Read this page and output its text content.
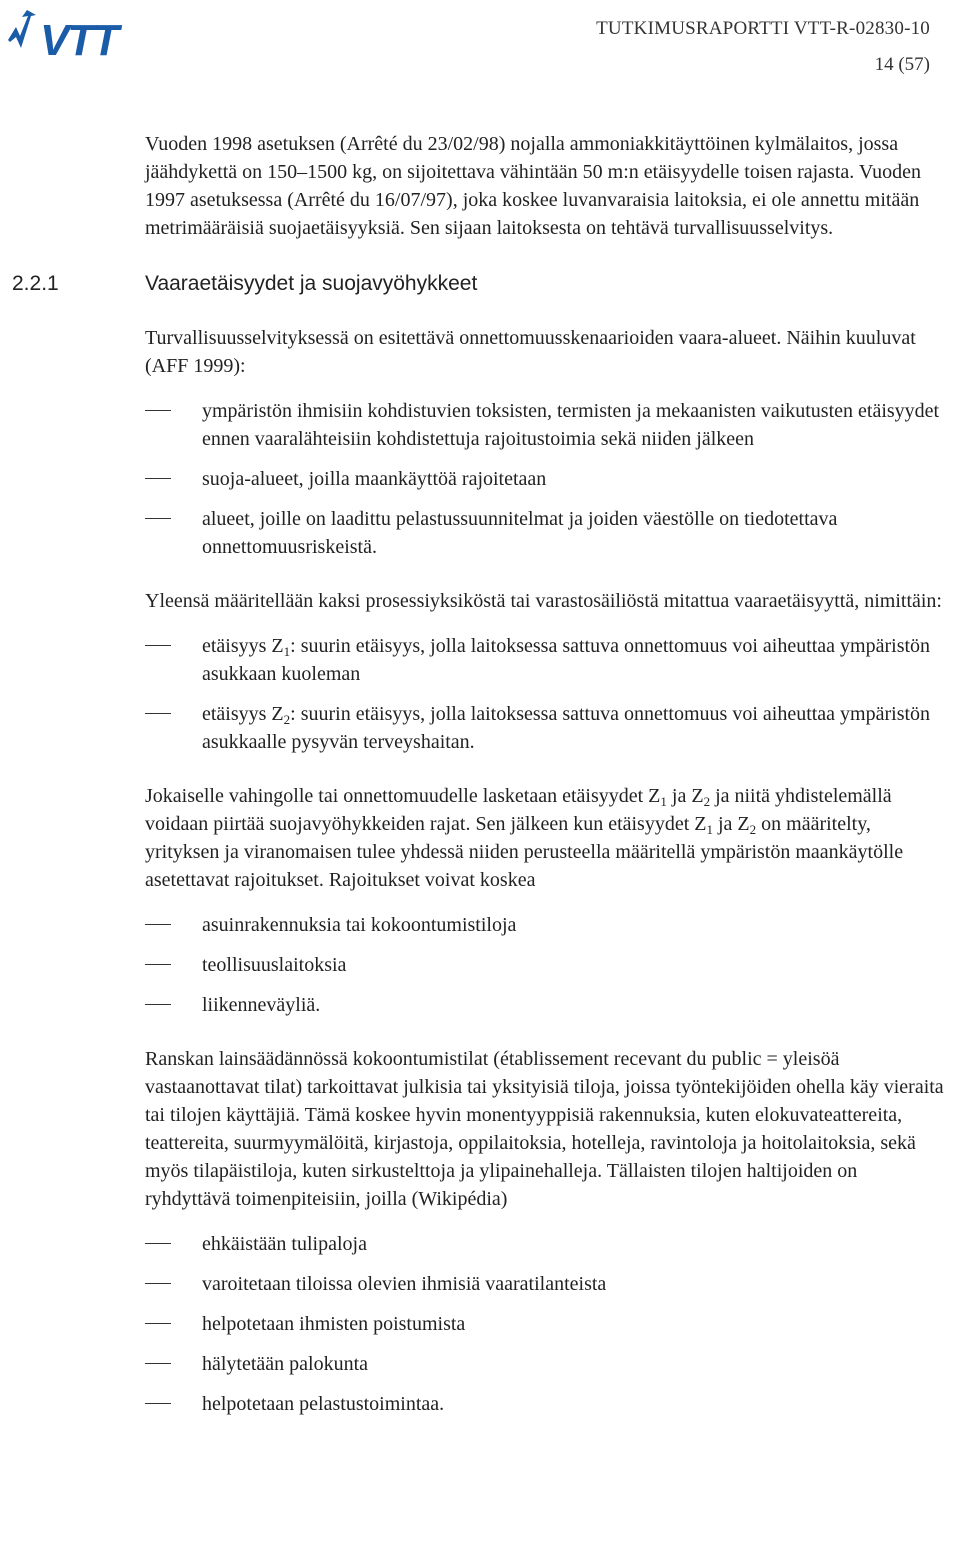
VTT	TUTKIMUSRAPORTTI VTT-R-02830-10
14 (57)

Vuoden 1998 asetuksen (Arrêté du 23/02/98) nojalla ammoniakkitäyttöinen kylmälaitos, jossa jäähdykettä on 150–1500 kg, on sijoitettava vähintään 50 m:n etäisyydelle toisen rajasta. Vuoden 1997 asetuksessa (Arrêté du 16/07/97), joka koskee luvanvaraisia laitoksia, ei ole annettu mitään metrimääräisiä suojaetäisyyksiä. Sen sijaan laitoksesta on tehtävä turvallisuusselvitys.

2.2.1	Vaaraetäisyydet ja suojavyöhykkeet

Turvallisuusselvityksessä on esitettävä onnettomuusskenaarioiden vaara-alueet. Näihin kuuluvat (AFF 1999):

ympäristön ihmisiin kohdistuvien toksisten, termisten ja mekaanisten vaikutusten etäisyydet ennen vaaralähteisiin kohdistettuja rajoitustoimia sekä niiden jälkeen
suoja-alueet, joilla maankäyttöä rajoitetaan
alueet, joille on laadittu pelastussuunnitelmat ja joiden väestölle on tiedotettava onnettomuusriskeistä.

Yleensä määritellään kaksi prosessiyksiköstä tai varastosäiliöstä mitattua vaaraetäisyyttä, nimittäin:

etäisyys $Z_1$: suurin etäisyys, jolla laitoksessa sattuva onnettomuus voi aiheuttaa ympäristön asukkaan kuoleman
etäisyys $Z_2$: suurin etäisyys, jolla laitoksessa sattuva onnettomuus voi aiheuttaa ympäristön asukkaalle pysyvän terveyshaitan.

Jokaiselle vahingolle tai onnettomuudelle lasketaan etäisyydet $Z_1$ ja $Z_2$ ja niitä yhdistelemällä voidaan piirtää suojavyöhykkeiden rajat. Sen jälkeen kun etäisyydet $Z_1$ ja $Z_2$ on määritelty, yrityksen ja viranomaisen tulee yhdessä niiden perusteella määritellä ympäristön maankäytölle asetettavat rajoitukset. Rajoitukset voivat koskea

asuinrakennuksia tai kokoontumistiloja
teollisuuslaitoksia
liikenneväyliä.

Ranskan lainsäädännössä kokoontumistilat (établissement recevant du public = yleisöä vastaanottavat tilat) tarkoittavat julkisia tai yksityisiä tiloja, joissa työntekijöiden ohella käy vieraita tai tilojen käyttäjiä. Tämä koskee hyvin monentyyppisiä rakennuksia, kuten elokuvateattereita, teattereita, suurmyymälöitä, kirjastoja, oppilaitoksia, hotelleja, ravintoloja ja hoitolaitoksia, sekä myös tilapäistiloja, kuten sirkustelttoja ja ylipainehalleja. Tällaisten tilojen haltijoiden on ryhdyttävä toimenpiteisiin, joilla (Wikipédia)

ehkäistään tulipaloja
varoitetaan tiloissa olevien ihmisiä vaaratilanteista
helpotetaan ihmisten poistumista
hälytetään palokunta
helpotetaan pelastustoimintaa.
